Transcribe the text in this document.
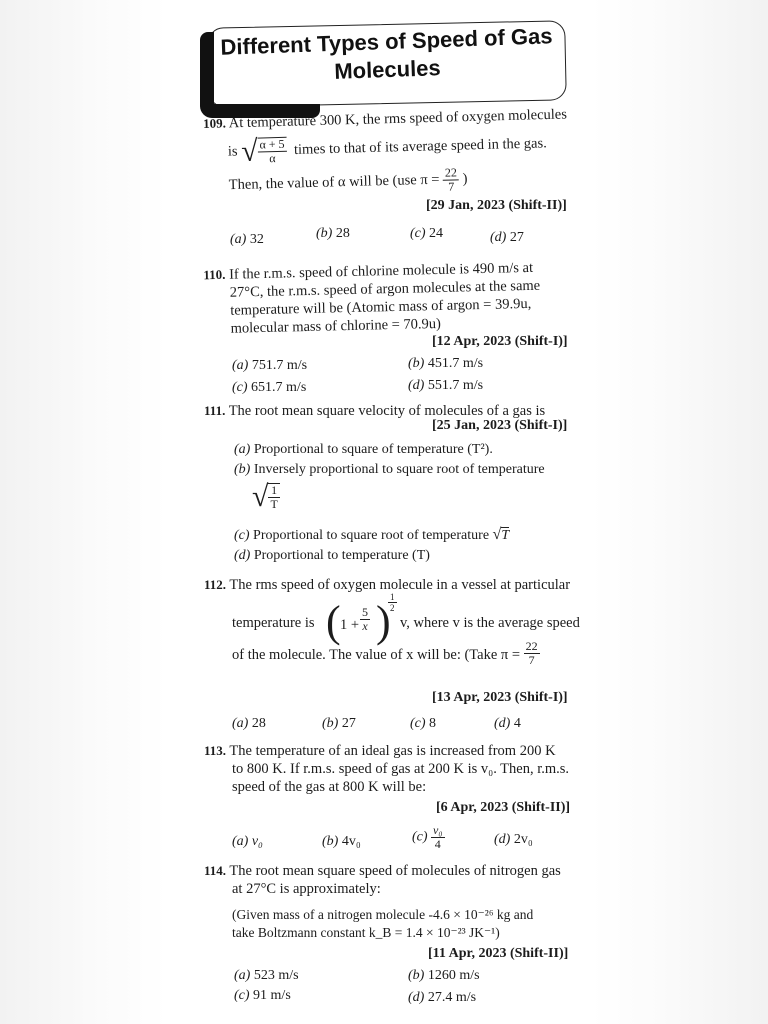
Different Types of Speed of Gas
Molecules
109. At temperature 300 K, the rms speed of oxygen molecules
is √ $\frac{\alpha + 5}{\alpha}$ times to that of its average speed in the gas.
Then, the value of α will be (use $\pi = \frac{22}{7}$ )
[29 Jan, 2023 (Shift-II)]
(a) 32	(b) 28	(c) 24	(d) 27
110. If the r.m.s. speed of chlorine molecule is 490 m/s at
27°C, the r.m.s. speed of argon molecules at the same
temperature will be (Atomic mass of argon = 39.9u,
molecular mass of chlorine = 70.9u)
[12 Apr, 2023 (Shift-I)]
(a) 751.7 m/s	(b) 451.7 m/s
(c) 651.7 m/s	(d) 551.7 m/s
111. The root mean square velocity of molecules of a gas is
[25 Jan, 2023 (Shift-I)]
(a) Proportional to square of temperature (T²).
(b) Inversely proportional to square root of temperature
√ $\frac{1}{T}$
(c) Proportional to square root of temperature √T
(d) Proportional to temperature (T)
112. The rms speed of oxygen molecule in a vessel at particular
temperature is ( $1 + \frac{5}{x}$ )
$\frac{1}{2}$
v, where v is the average speed
of the molecule. The value of x will be: (Take $\pi = \frac{22}{7}$
[13 Apr, 2023 (Shift-I)]
(a) 28	(b) 27	(c) 8	(d) 4
113. The temperature of an ideal gas is increased from 200 K
to 800 K. If r.m.s. speed of gas at 200 K is v₀. Then, r.m.s.
speed of the gas at 800 K will be:
[6 Apr, 2023 (Shift-II)]
(a) v₀	(b) 4v₀	$(c) \frac{\text{v₀}}{4}$	(d) 2v₀
114. The root mean square speed of molecules of nitrogen gas
at 27°C is approximately:
(Given mass of a nitrogen molecule -4.6 × 10⁻²⁶ kg and
take Boltzmann constant k_B = 1.4 × 10⁻²³ JK⁻¹)
[11 Apr, 2023 (Shift-II)]
(a) 523 m/s	(b) 1260 m/s
(c) 91 m/s	(d) 27.4 m/s
